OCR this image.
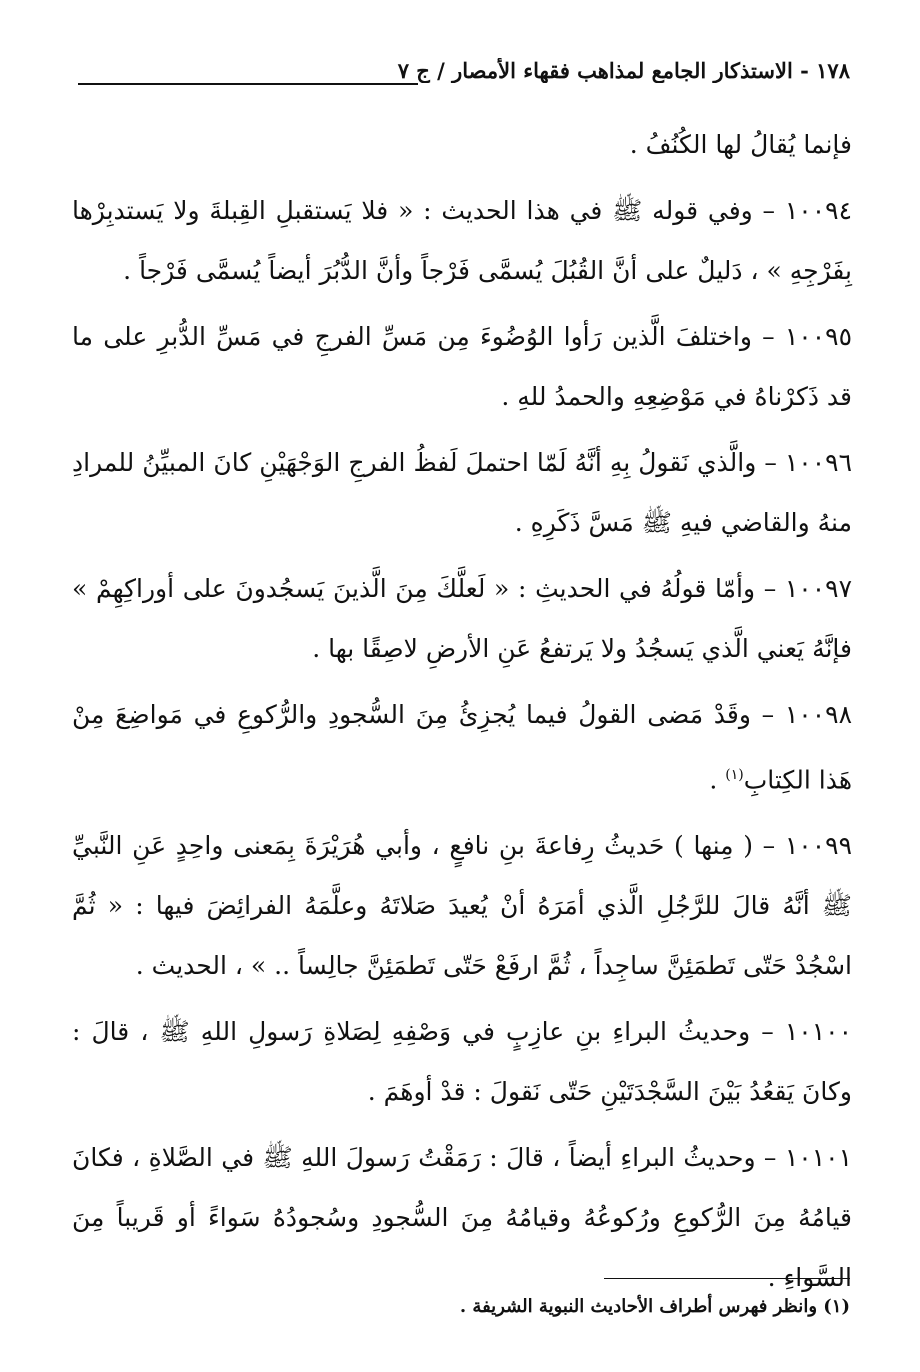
١٧٨ - الاستذكار الجامع لمذاهب فقهاء الأمصار / ج ٧

فإنما يُقالُ لها الكُنُفُ .

١٠٠٩٤ – وفي قوله ﷺ في هذا الحديث : « فلا يَستقبلِ القِبلةَ ولا يَستدبِرْها بِفَرْجِهِ » ، دَليلٌ على أنَّ القُبُلَ يُسمَّى فَرْجاً وأنَّ الدُّبُرَ أيضاً يُسمَّى فَرْجاً .

١٠٠٩٥ – واختلفَ الَّذين رَأوا الوُضُوءَ مِن مَسِّ الفرجِ في مَسِّ الدُّبرِ على ما قد ذَكرْناهُ في مَوْضِعِهِ والحمدُ للهِ .

١٠٠٩٦ – والَّذي نَقولُ بِهِ أنَّهُ لَمّا احتملَ لَفظُ الفرجِ الوَجْهَيْنِ كانَ المبيِّنُ للمرادِ منهُ والقاضي فيهِ ﷺ مَسَّ ذَكَرِهِ .

١٠٠٩٧ – وأمّا قولُهُ في الحديثِ : « لَعلَّكَ مِنَ الَّذينَ يَسجُدونَ على أوراكِهِمْ » فإنَّهُ يَعني الَّذي يَسجُدُ ولا يَرتفعُ عَنِ الأرضِ لاصِقًا بها .

١٠٠٩٨ – وقَدْ مَضى القولُ فيما يُجزِئُ مِنَ السُّجودِ والرُّكوعِ في مَواضِعَ مِنْ هَذا الكِتابِ$^{(١)}$ .

١٠٠٩٩ – ( مِنها ) حَديثُ رِفاعةَ بنِ نافعٍ ، وأبي هُرَيْرَةَ بِمَعنى واحِدٍ عَنِ النَّبيِّ ﷺ أنَّهُ قالَ للرَّجُلِ الَّذي أمَرَهُ أنْ يُعيدَ صَلاتَهُ وعلَّمَهُ الفرائِضَ فيها : « ثُمَّ اسْجُدْ حَتّى تَطمَئِنَّ ساجِداً ، ثُمَّ ارفَعْ حَتّى تَطمَئِنَّ جالِساً .. » ، الحديث .

١٠١٠٠ – وحديثُ البراءِ بنِ عازِبٍ في وَصْفِهِ لِصَلاةِ رَسولِ اللهِ ﷺ ، قالَ : وكانَ يَقعُدُ بَيْنَ السَّجْدَتَيْنِ حَتّى نَقولَ : قدْ أوهَمَ .

١٠١٠١ – وحديثُ البراءِ أيضاً ، قالَ : رَمَقْتُ رَسولَ اللهِ ﷺ في الصَّلاةِ ، فكانَ قيامُهُ مِنَ الرُّكوعِ ورُكوعُهُ وقيامُهُ مِنَ السُّجودِ وسُجودُهُ سَواءً أو قَريباً مِنَ السَّواءِ .

(١) وانظر فهرس أطراف الأحاديث النبوية الشريفة .
